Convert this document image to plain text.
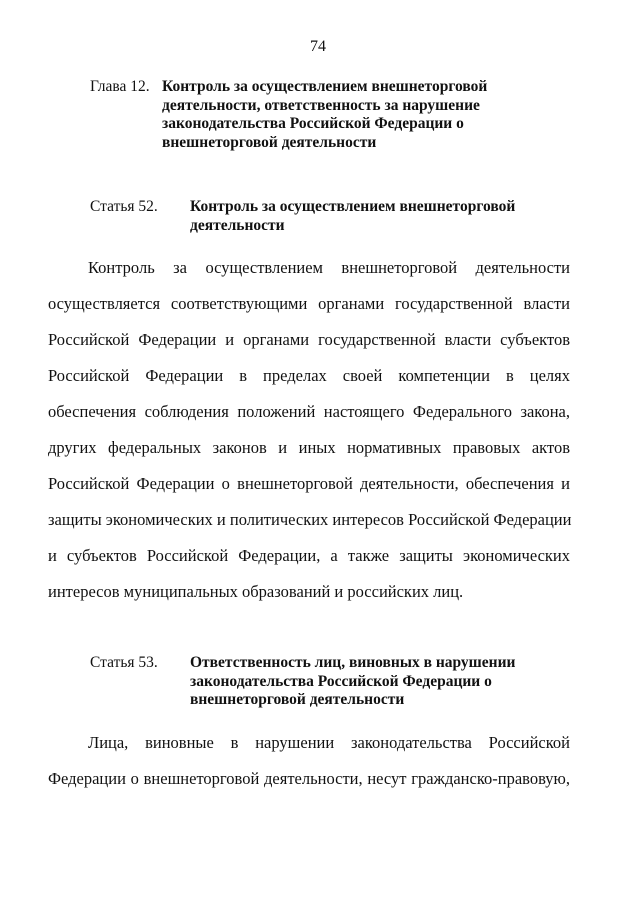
74
Глава 12. Контроль за осуществлением внешнеторговой
деятельности, ответственность за нарушение
законодательства Российской Федерации о
внешнеторговой деятельности
Статья 52.	Контроль за осуществлением внешнеторговой
деятельности
Контроль за осуществлением внешнеторговой деятельности
осуществляется соответствующими органами государственной власти
Российской Федерации и органами государственной власти субъектов
Российской Федерации в пределах своей компетенции в целях
обеспечения соблюдения положений настоящего Федерального закона,
других федеральных законов и иных нормативных правовых актов
Российской Федерации о внешнеторговой деятельности, обеспечения и
защиты экономических и политических интересов Российской Федерации
и субъектов Российской Федерации, а также защиты экономических
интересов муниципальных образований и российских лиц.
Статья 53.	Ответственность лиц, виновных в нарушении
законодательства Российской Федерации о
внешнеторговой деятельности
Лица, виновные в нарушении законодательства Российской
Федерации о внешнеторговой деятельности, несут гражданско-правовую,
